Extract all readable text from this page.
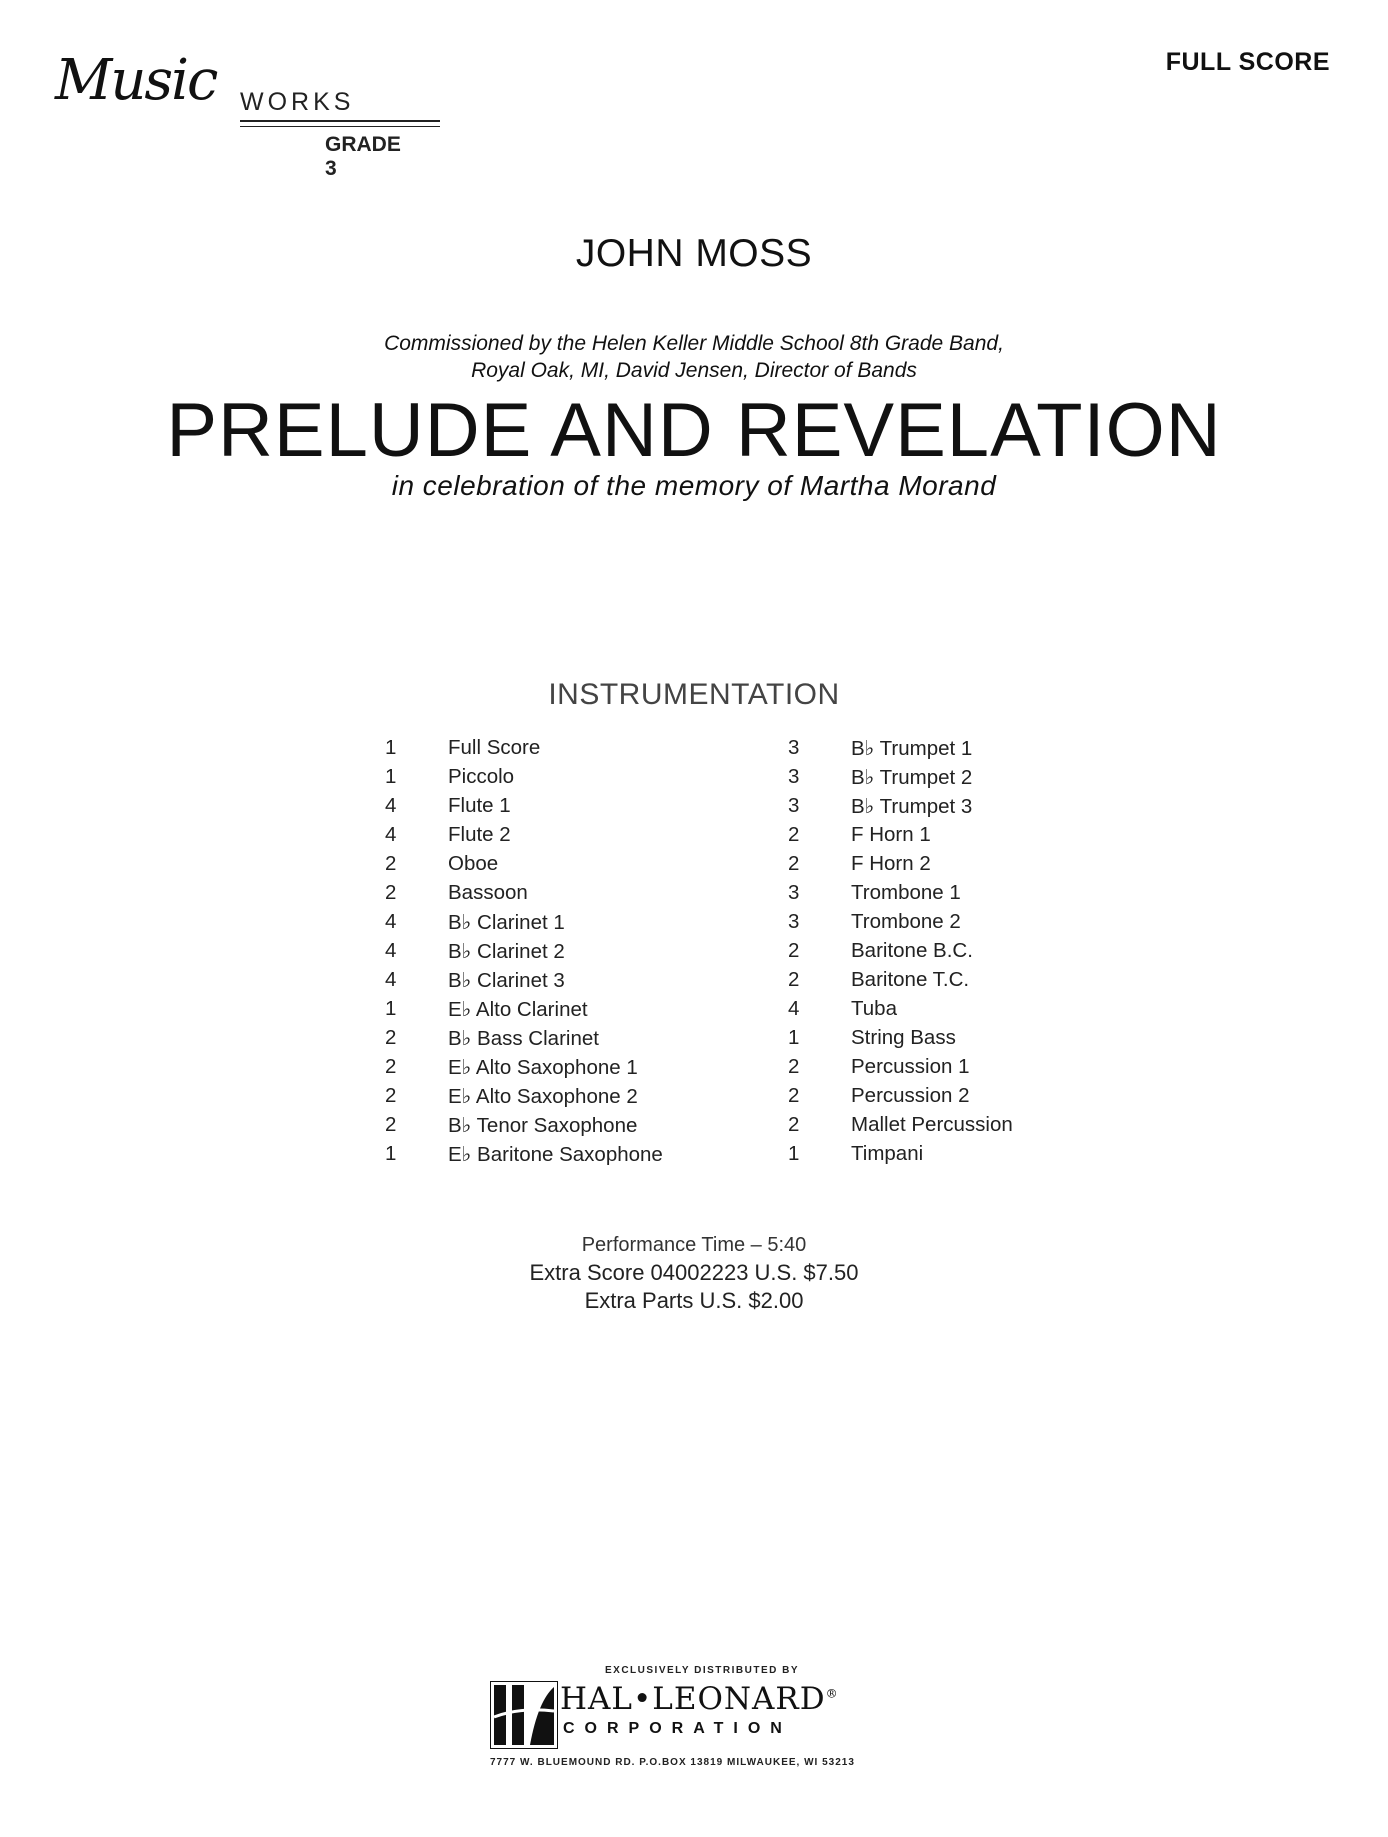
Music WORKS
GRADE 3
FULL SCORE
JOHN MOSS
Commissioned by the Helen Keller Middle School 8th Grade Band,
Royal Oak, MI, David Jensen, Director of Bands
PRELUDE AND REVELATION
in celebration of the memory of Martha Morand
INSTRUMENTATION
1	Full Score
1	Piccolo
4	Flute 1
4	Flute 2
2	Oboe
2	Bassoon
4	B♭ Clarinet 1
4	B♭ Clarinet 2
4	B♭ Clarinet 3
1	E♭ Alto Clarinet
2	B♭ Bass Clarinet
2	E♭ Alto Saxophone 1
2	E♭ Alto Saxophone 2
2	B♭ Tenor Saxophone
1	E♭ Baritone Saxophone
3	B♭ Trumpet 1
3	B♭ Trumpet 2
3	B♭ Trumpet 3
2	F Horn 1
2	F Horn 2
3	Trombone 1
3	Trombone 2
2	Baritone B.C.
2	Baritone T.C.
4	Tuba
1	String Bass
2	Percussion 1
2	Percussion 2
2	Mallet Percussion
1	Timpani
Performance Time – 5:40
Extra Score 04002223 U.S. $7.50
Extra Parts U.S. $2.00
EXCLUSIVELY DISTRIBUTED BY
HAL•LEONARD®
CORPORATION
7777 W. BLUEMOUND RD. P.O.BOX 13819 MILWAUKEE, WI 53213
